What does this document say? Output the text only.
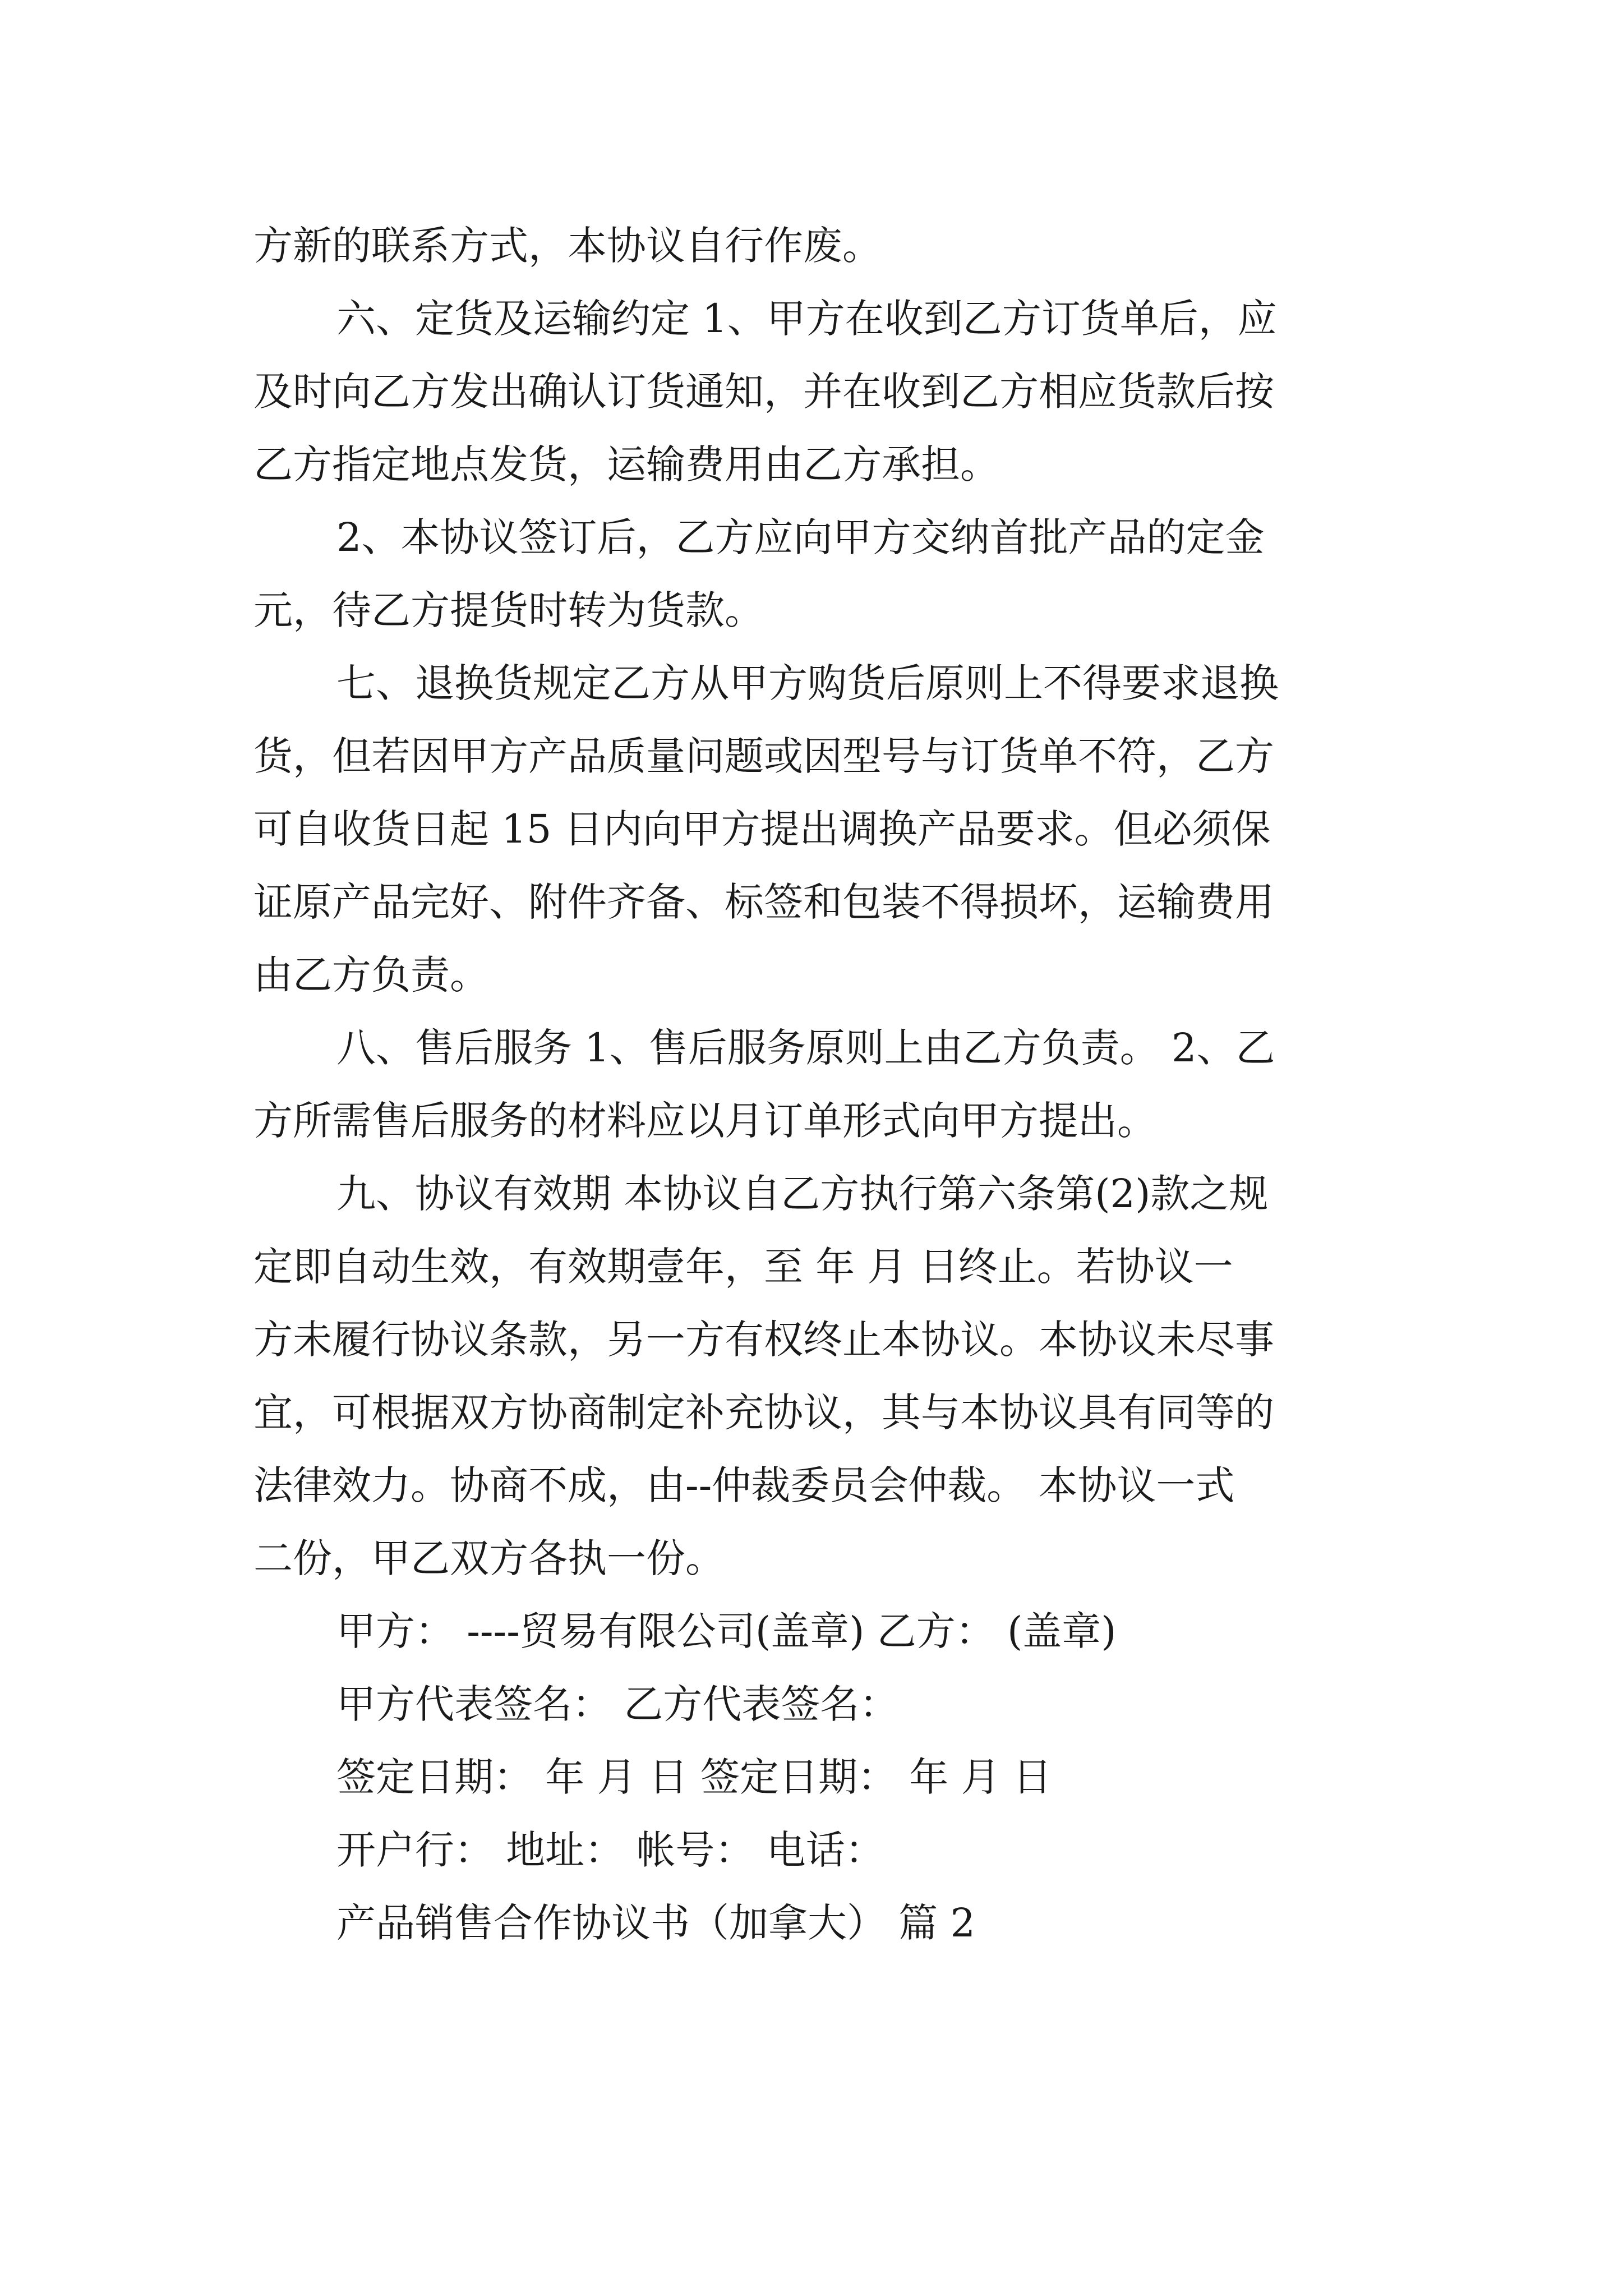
方新的联系方式，本协议自行作废。
六、定货及运输约定 1、甲方在收到乙方订货单后，应
及时向乙方发出确认订货通知，并在收到乙方相应货款后按
乙方指定地点发货，运输费用由乙方承担。
2、本协议签订后，乙方应向甲方交纳首批产品的定金
元，待乙方提货时转为货款。
七、退换货规定乙方从甲方购货后原则上不得要求退换
货，但若因甲方产品质量问题或因型号与订货单不符，乙方
可自收货日起 15 日内向甲方提出调换产品要求。但必须保
证原产品完好、附件齐备、标签和包装不得损坏，运输费用
由乙方负责。
八、售后服务 1、售后服务原则上由乙方负责。 2、乙
方所需售后服务的材料应以月订单形式向甲方提出。
九、协议有效期 本协议自乙方执行第六条第(2)款之规
定即自动生效，有效期壹年，至 年 月 日终止。若协议一
方未履行协议条款，另一方有权终止本协议。本协议未尽事
宜，可根据双方协商制定补充协议，其与本协议具有同等的
法律效力。协商不成，由--仲裁委员会仲裁。 本协议一式
二份，甲乙双方各执一份。
甲方： ----贸易有限公司(盖章) 乙方： (盖章)
甲方代表签名： 乙方代表签名：
签定日期： 年 月 日 签定日期： 年 月 日
开户行： 地址： 帐号： 电话：
产品销售合作协议书（加拿大） 篇 2
